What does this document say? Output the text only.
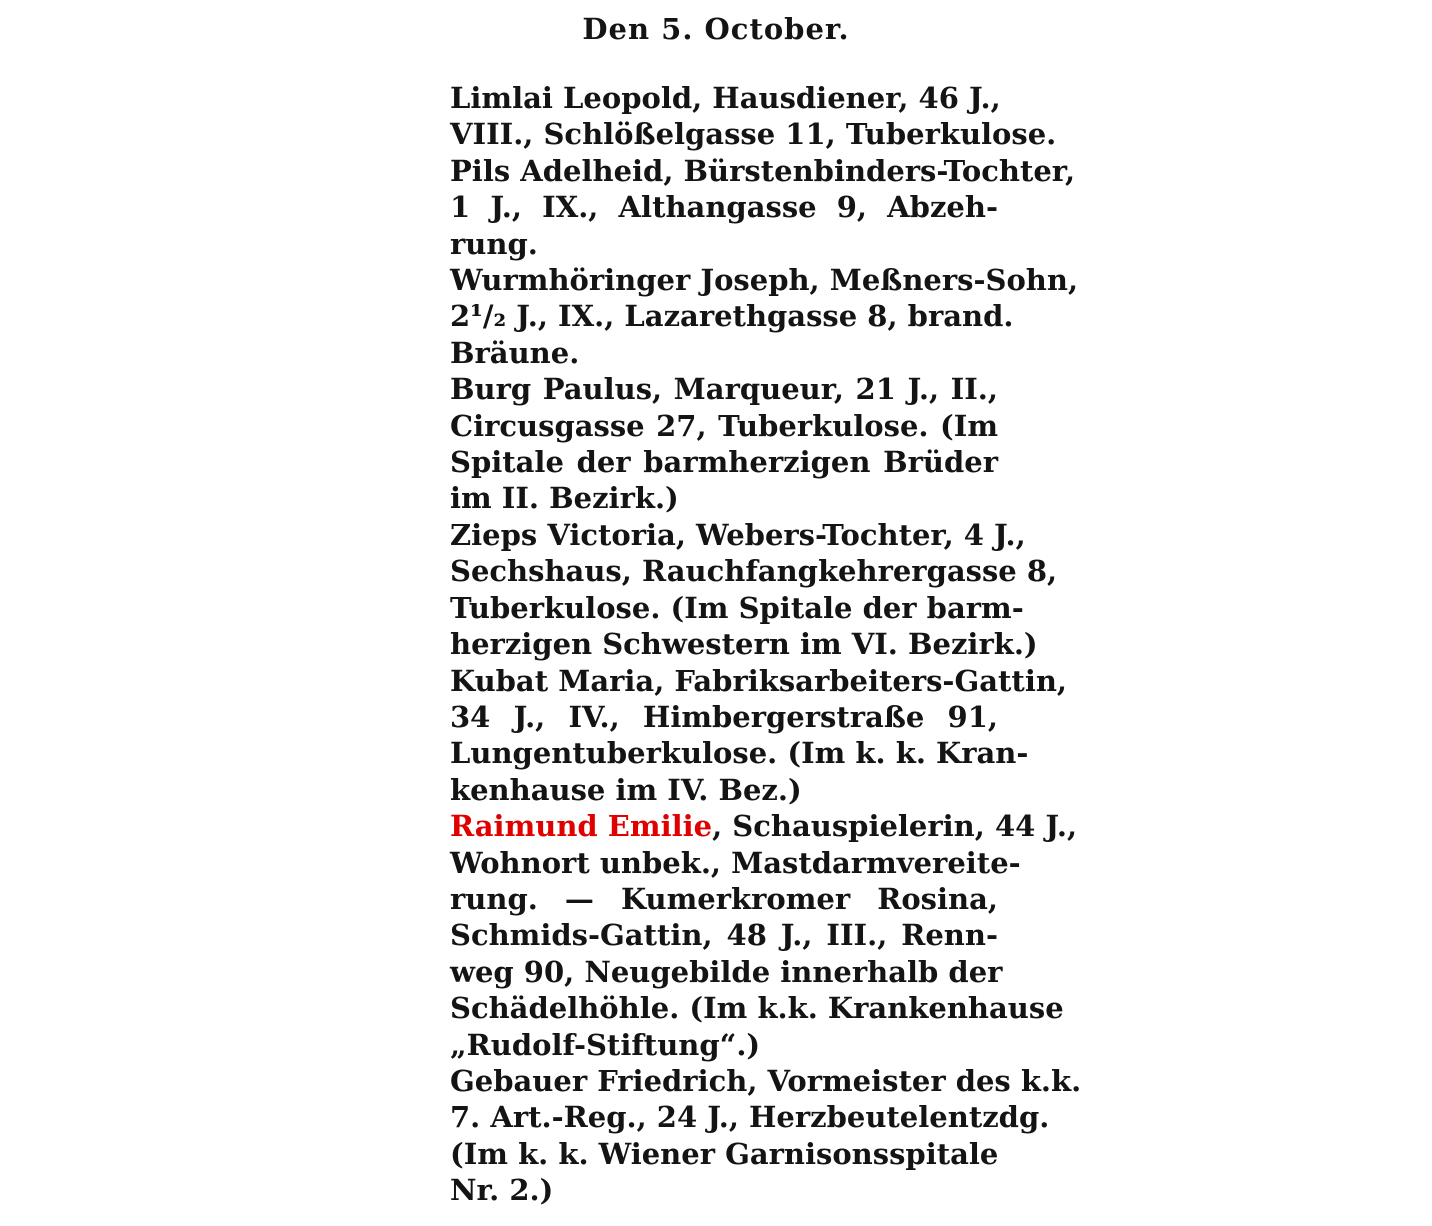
Den 5. October.

Limlai Leopold, Hausdiener, 46 J.,
VIII., Schlößelgasse 11, Tuberkulose.

Pils Adelheid, Bürstenbinders-Tochter,
1 J., IX., Althangasse 9, Abzeh-
rung.

Wurmhöringer Joseph, Meßners-Sohn,
2¹/₂ J., IX., Lazarethgasse 8, brand.
Bräune.

Burg Paulus, Marqueur, 21 J., II.,
Circusgasse 27, Tuberkulose. (Im
Spitale der barmherzigen Brüder
im II. Bezirk.)

Zieps Victoria, Webers-Tochter, 4 J.,
Sechshaus, Rauchfangkehrergasse 8,
Tuberkulose. (Im Spitale der barm-
herzigen Schwestern im VI. Bezirk.)

Kubat Maria, Fabriksarbeiters-Gattin,
34 J., IV., Himbergerstraße 91,
Lungentuberkulose. (Im k. k. Kran-
kenhause im IV. Bez.)

Raimund Emilie, Schauspielerin, 44 J.,
Wohnort unbek., Mastdarmvereite-
rung. — Kumerkromer Rosina,
Schmids-Gattin, 48 J., III., Renn-
weg 90, Neugebilde innerhalb der
Schädelhöhle. (Im k.k. Krankenhause
„Rudolf-Stiftung“.)

Gebauer Friedrich, Vormeister des k.k.
7. Art.-Reg., 24 J., Herzbeutelentzdg.
(Im k. k. Wiener Garnisonsspitale
Nr. 2.)
